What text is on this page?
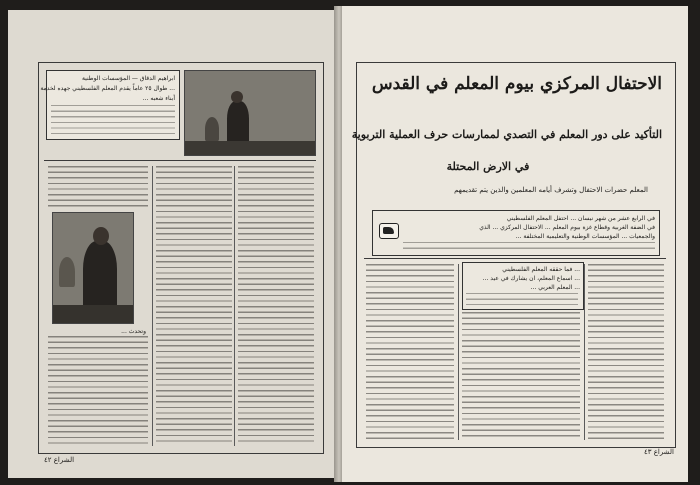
ابراهيم الدقاق — المؤسسات الوطنية
... طوال ٢٥ عاماً يقدم المعلم الفلسطيني جهده لخدمة
أبناء شعبه ...
وتحدث ...
الشراع ٤٢
الاحتفال المركزي بيوم المعلم في القدس
التأكيد على دور المعلم في التصدي لممارسات حرف العملية التربوية
في الارض المحتلة
المعلم حضرات الاحتفال وتشرف أيامه المعلمين والذين يتم تقديمهم
في الرابع عشر من شهر نيسان ... احتفل المعلم الفلسطيني
في الضفة الغربية وقطاع غزة بيوم المعلم ... الاحتفال المركزي ... الذي
والجمعيات ... المؤسسات الوطنية والتعليمية المختلفة ...
... فما حققه المعلم الفلسطيني
... اسماع المعلم، ان يشارك في عيد ...
... المعلم العربي ...
الشراع ٤٣
